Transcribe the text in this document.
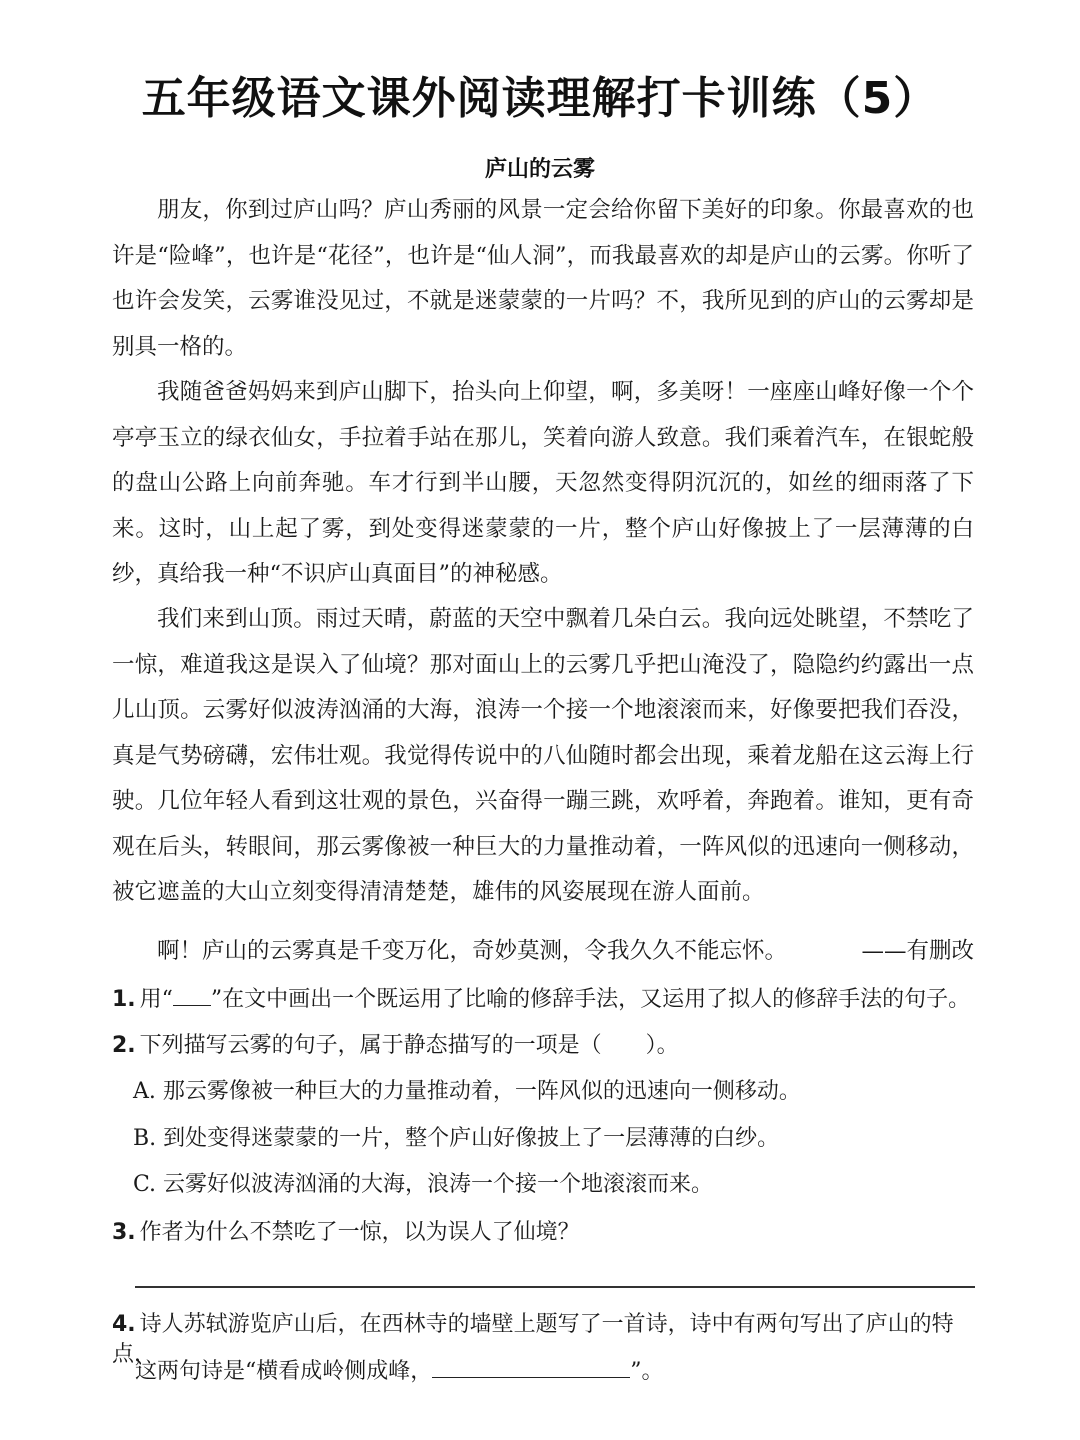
五年级语文课外阅读理解打卡训练（5）
庐山的云雾
朋友，你到过庐山吗？庐山秀丽的风景一定会给你留下美好的印象。你最喜欢的也许是“险峰”，也许是“花径”，也许是“仙人洞”，而我最喜欢的却是庐山的云雾。你听了也许会发笑，云雾谁没见过，不就是迷蒙蒙的一片吗？不，我所见到的庐山的云雾却是别具一格的。
我随爸爸妈妈来到庐山脚下，抬头向上仰望，啊，多美呀！一座座山峰好像一个个亭亭玉立的绿衣仙女，手拉着手站在那儿，笑着向游人致意。我们乘着汽车，在银蛇般的盘山公路上向前奔驰。车才行到半山腰，天忽然变得阴沉沉的，如丝的细雨落了下来。这时，山上起了雾，到处变得迷蒙蒙的一片，整个庐山好像披上了一层薄薄的白纱，真给我一种“不识庐山真面目”的神秘感。
我们来到山顶。雨过天晴，蔚蓝的天空中飘着几朵白云。我向远处眺望，不禁吃了一惊，难道我这是误入了仙境？那对面山上的云雾几乎把山淹没了，隐隐约约露出一点儿山顶。云雾好似波涛汹涌的大海，浪涛一个接一个地滚滚而来，好像要把我们吞没，真是气势磅礴，宏伟壮观。我觉得传说中的八仙随时都会出现，乘着龙船在这云海上行驶。几位年轻人看到这壮观的景色，兴奋得一蹦三跳，欢呼着，奔跑着。谁知，更有奇观在后头，转眼间，那云雾像被一种巨大的力量推动着，一阵风似的迅速向一侧移动，被它遮盖的大山立刻变得清清楚楚，雄伟的风姿展现在游人面前。
啊！庐山的云雾真是千变万化，奇妙莫测，令我久久不能忘怀。	——有删改
1. 用“ ”在文中画出一个既运用了比喻的修辞手法，又运用了拟人的修辞手法的句子。
2. 下列描写云雾的句子，属于静态描写的一项是（　　）。
A. 那云雾像被一种巨大的力量推动着，一阵风似的迅速向一侧移动。
B. 到处变得迷蒙蒙的一片，整个庐山好像披上了一层薄薄的白纱。
C. 云雾好似波涛汹涌的大海，浪涛一个接一个地滚滚而来。
3. 作者为什么不禁吃了一惊，以为误人了仙境？
4. 诗人苏轼游览庐山后，在西林寺的墙壁上题写了一首诗，诗中有两句写出了庐山的特点，
这两句诗是“横看成岭侧成峰，	”。
